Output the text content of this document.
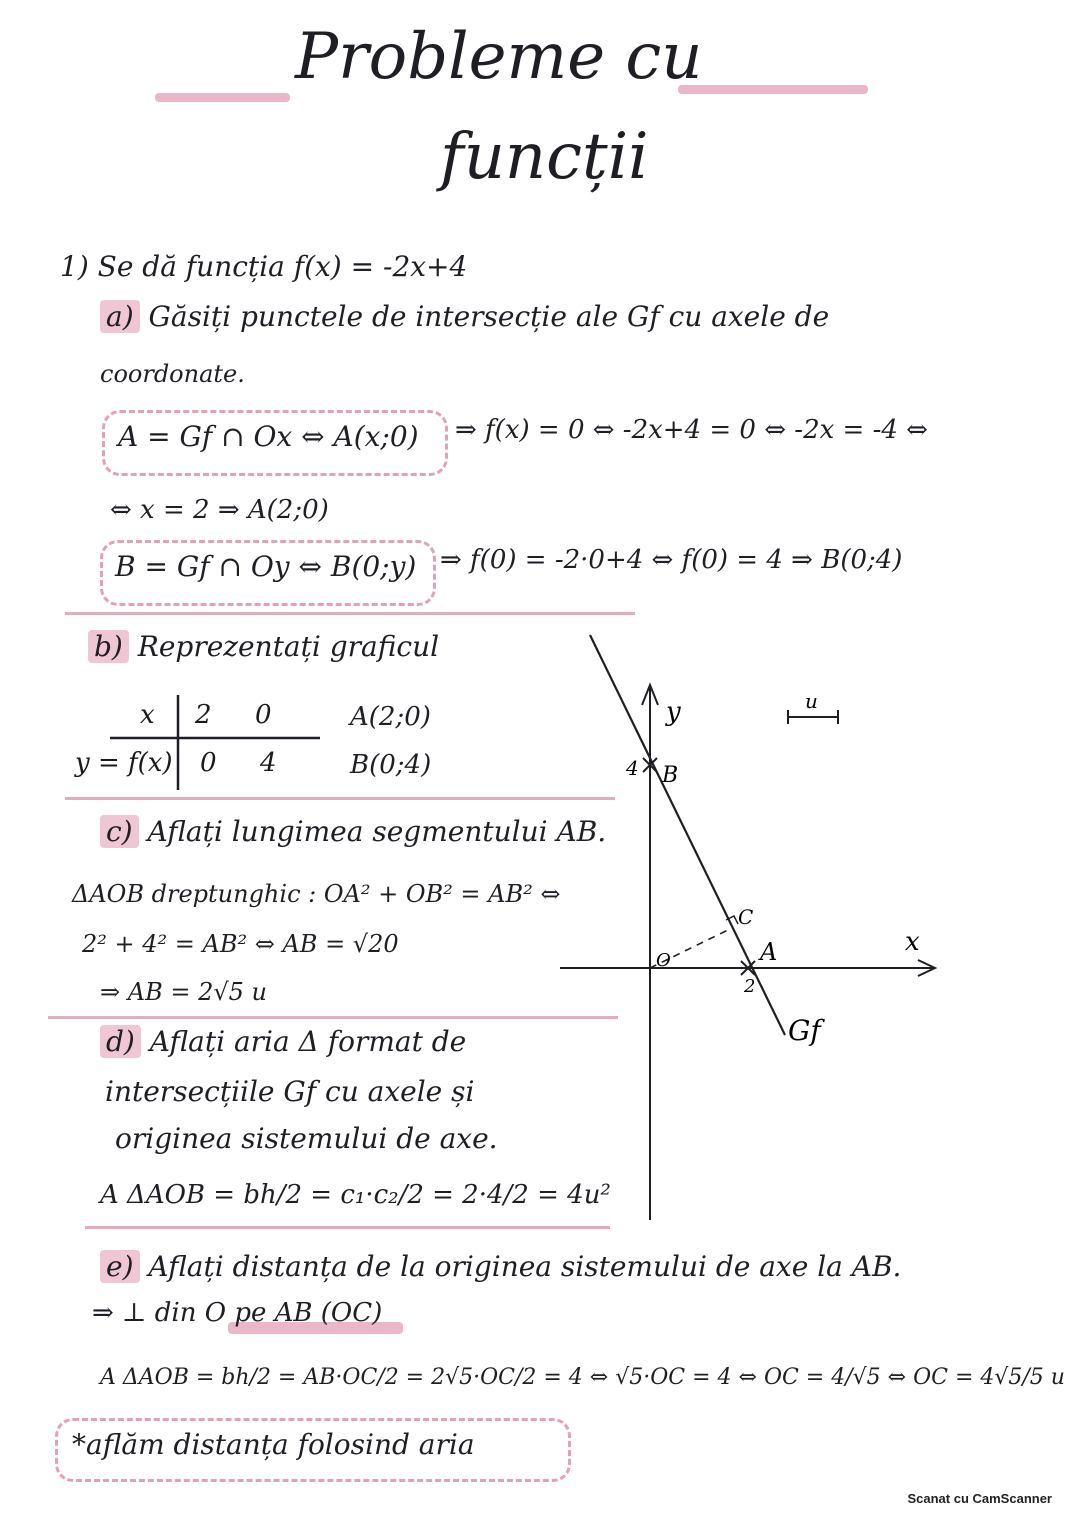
Probleme cu
funcții
1) Se dă funcția f(x) = -2x+4
a) Găsiți punctele de intersecție ale Gf cu axele de
coordonate.
A = Gf ∩ Ox ⇔ A(x;0) ⇒ f(x) = 0 ⇔ -2x+4 = 0 ⇔ -2x = -4 ⇔
⇔ x = 2 ⇒ A(2;0)
B = Gf ∩ Oy ⇔ B(0;y) ⇒ f(0) = -2·0+4 ⇔ f(0) = 4 ⇒ B(0;4)
b) Reprezentați graficul
x 2 0
y = f(x) 0 4
A(2;0)
B(0;4)
c) Aflați lungimea segmentului AB.
ΔAOB dreptunghic : OA² + OB² = AB² ⇔
2² + 4² = AB² ⇔ AB = √20
⇒ AB = 2√5 u
d) Aflați aria Δ format de
intersecțiile Gf cu axele și
originea sistemului de axe.
A ΔAOB = bh/2 = c₁·c₂/2 = 2·4/2 = 4u²
e) Aflați distanța de la originea sistemului de axe la AB.
⇒ ⊥ din O pe AB (OC)
A ΔAOB = bh/2 = AB·OC/2 = 2√5·OC/2 = 4 ⇔ √5·OC = 4 ⇔ OC = 4/√5 ⇔ OC = 4√5/5 u
*aflăm distanța folosind aria
y
x
B
4
A
C
O
2
Gf
u
Scanat cu CamScanner
